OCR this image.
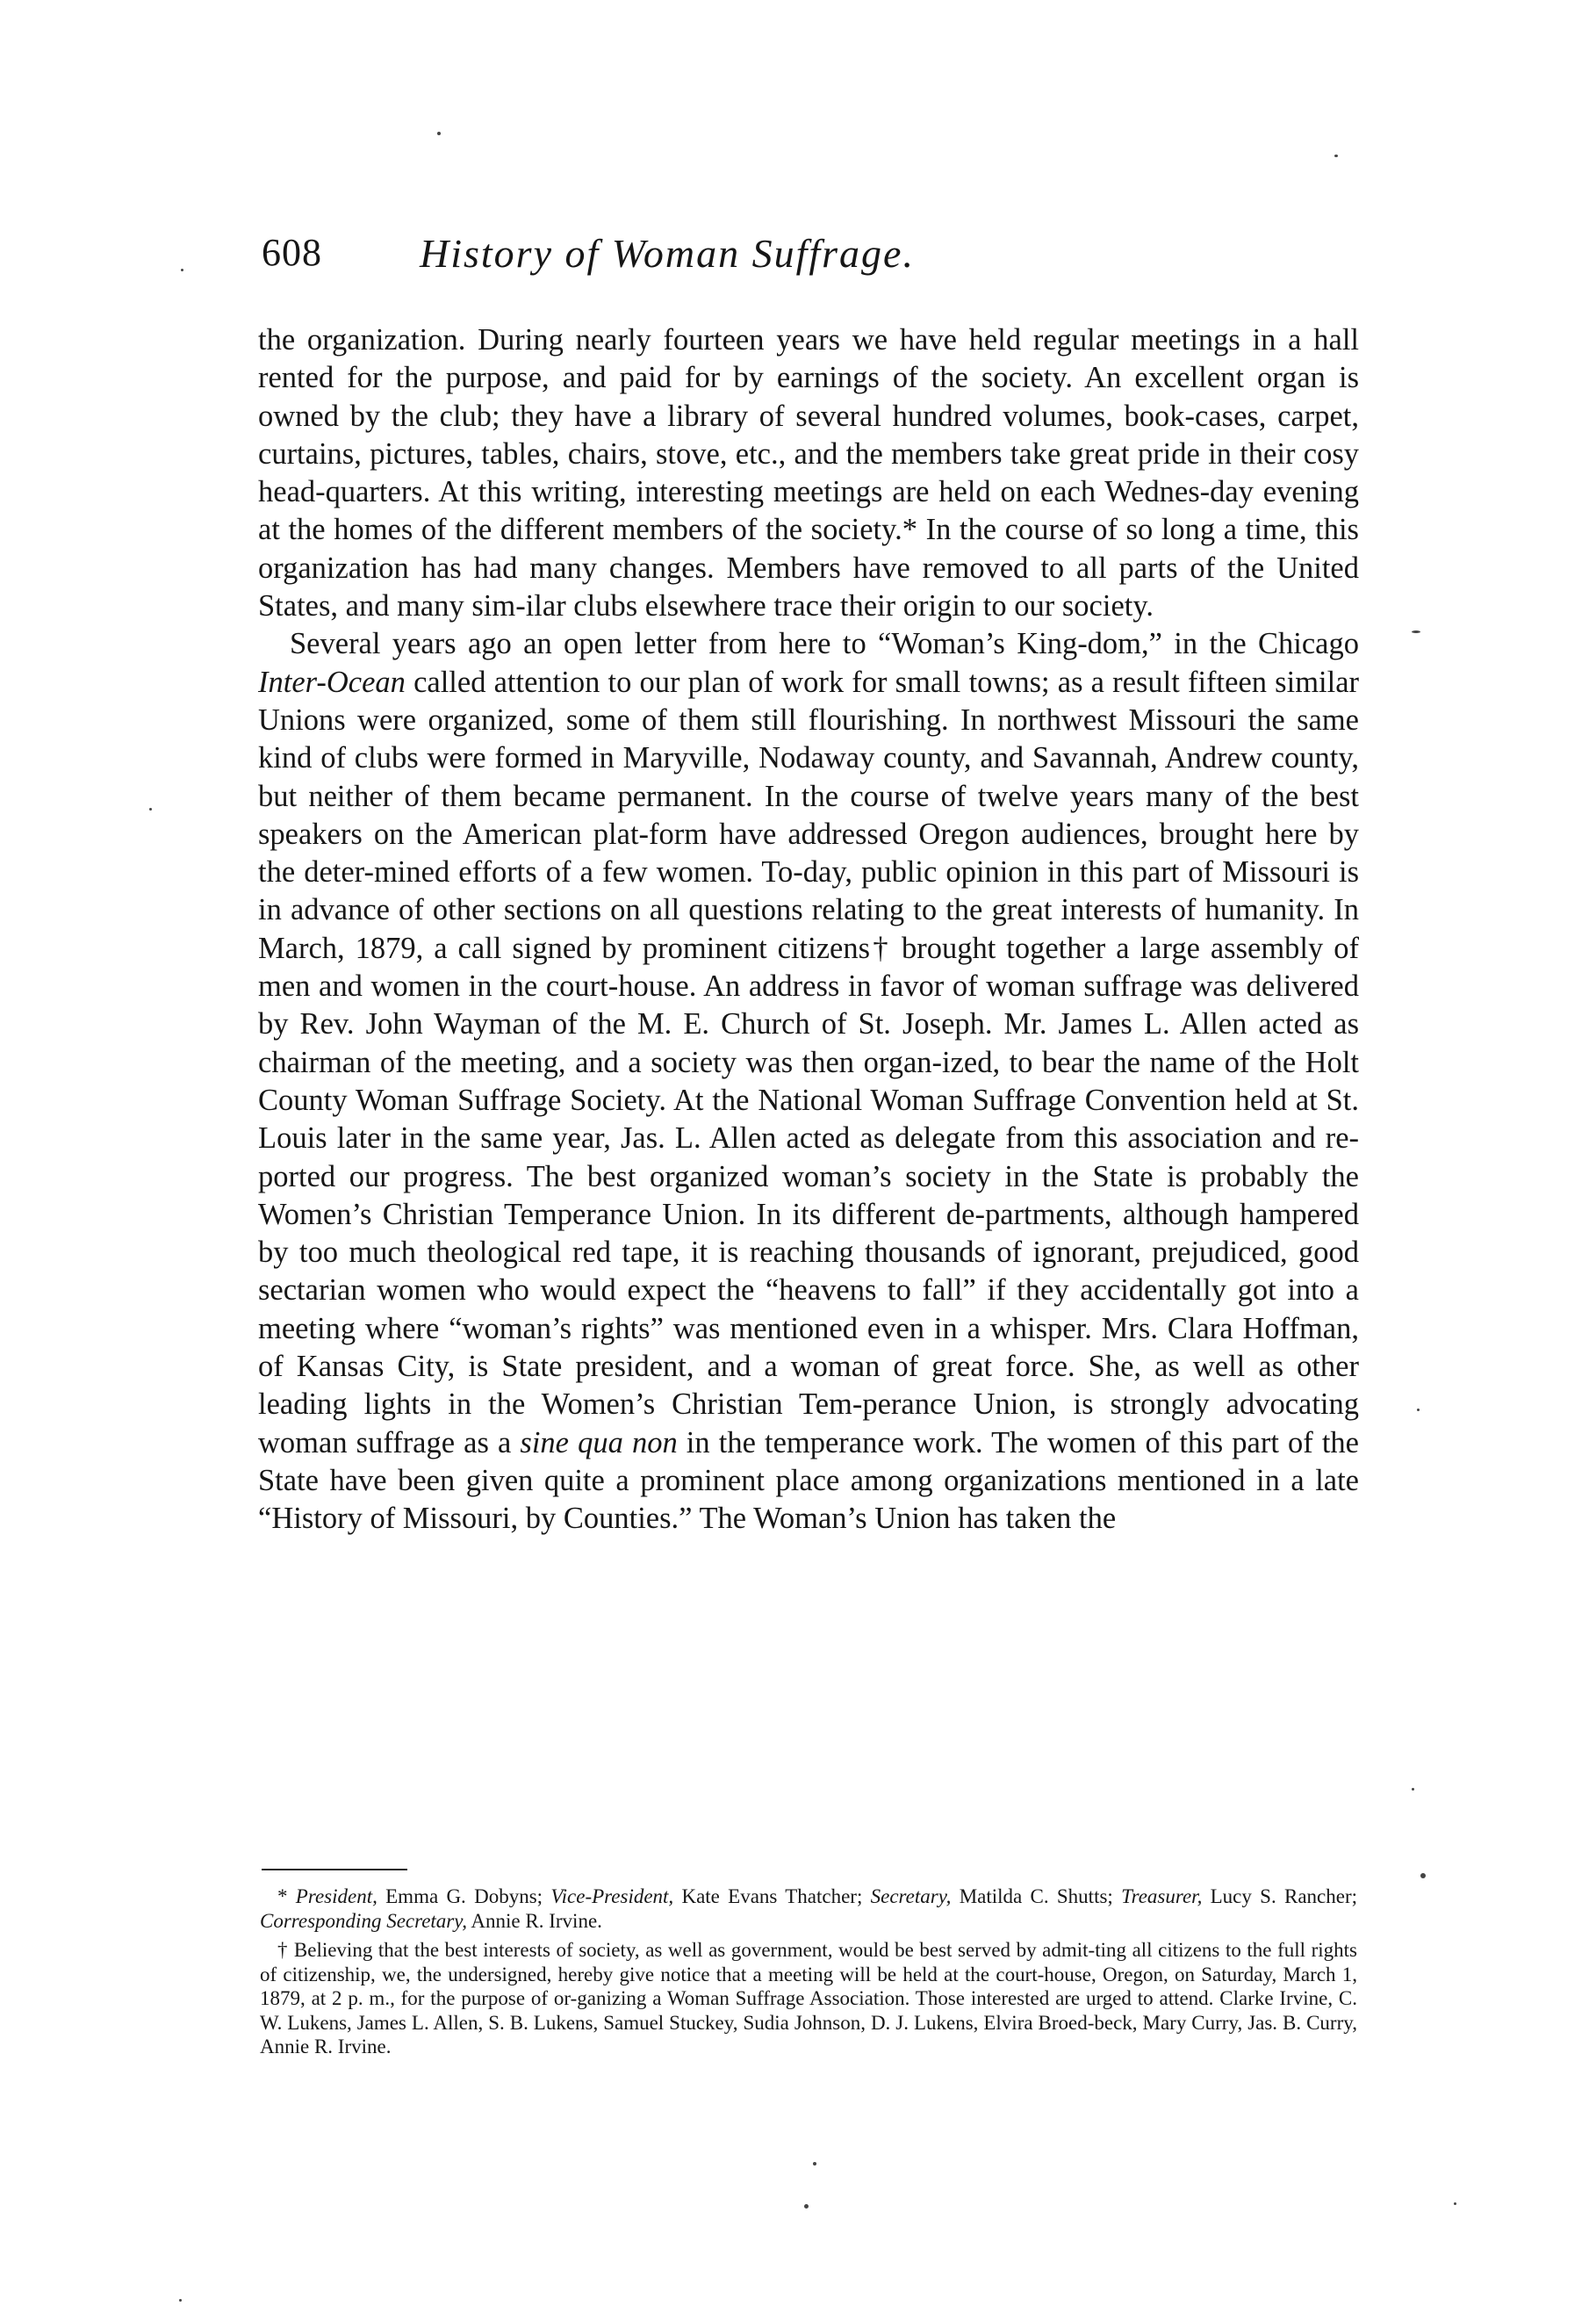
608 History of Woman Suffrage.

the organization. During nearly fourteen years we have held regular meetings in a hall rented for the purpose, and paid for by earnings of the society. An excellent organ is owned by the club; they have a library of several hundred volumes, book-cases, carpet, curtains, pictures, tables, chairs, stove, etc., and the members take great pride in their cosy head-quarters. At this writing, interesting meetings are held on each Wednes-day evening at the homes of the different members of the society.* In the course of so long a time, this organization has had many changes. Members have removed to all parts of the United States, and many sim-ilar clubs elsewhere trace their origin to our society.

Several years ago an open letter from here to “Woman’s King-dom,” in the Chicago Inter-Ocean called attention to our plan of work for small towns; as a result fifteen similar Unions were organized, some of them still flourishing. In northwest Missouri the same kind of clubs were formed in Maryville, Nodaway county, and Savannah, Andrew county, but neither of them became permanent. In the course of twelve years many of the best speakers on the American plat-form have addressed Oregon audiences, brought here by the deter-mined efforts of a few women. To-day, public opinion in this part of Missouri is in advance of other sections on all questions relating to the great interests of humanity. In March, 1879, a call signed by prominent citizens† brought together a large assembly of men and women in the court-house. An address in favor of woman suffrage was delivered by Rev. John Wayman of the M. E. Church of St. Joseph. Mr. James L. Allen acted as chairman of the meeting, and a society was then organ-ized, to bear the name of the Holt County Woman Suffrage Society. At the National Woman Suffrage Convention held at St. Louis later in the same year, Jas. L. Allen acted as delegate from this association and re-ported our progress. The best organized woman’s society in the State is probably the Women’s Christian Temperance Union. In its different de-partments, although hampered by too much theological red tape, it is reaching thousands of ignorant, prejudiced, good sectarian women who would expect the “heavens to fall” if they accidentally got into a meeting where “woman’s rights” was mentioned even in a whisper. Mrs. Clara Hoffman, of Kansas City, is State president, and a woman of great force. She, as well as other leading lights in the Women’s Christian Tem-perance Union, is strongly advocating woman suffrage as a sine qua non in the temperance work. The women of this part of the State have been given quite a prominent place among organizations mentioned in a late “History of Missouri, by Counties.” The Woman’s Union has taken the

* President, Emma G. Dobyns; Vice-President, Kate Evans Thatcher; Secretary, Matilda C. Shutts; Treasurer, Lucy S. Rancher; Corresponding Secretary, Annie R. Irvine.

† Believing that the best interests of society, as well as government, would be best served by admit-ting all citizens to the full rights of citizenship, we, the undersigned, hereby give notice that a meeting will be held at the court-house, Oregon, on Saturday, March 1, 1879, at 2 p. m., for the purpose of or-ganizing a Woman Suffrage Association. Those interested are urged to attend. Clarke Irvine, C. W. Lukens, James L. Allen, S. B. Lukens, Samuel Stuckey, Sudia Johnson, D. J. Lukens, Elvira Broed-beck, Mary Curry, Jas. B. Curry, Annie R. Irvine.
